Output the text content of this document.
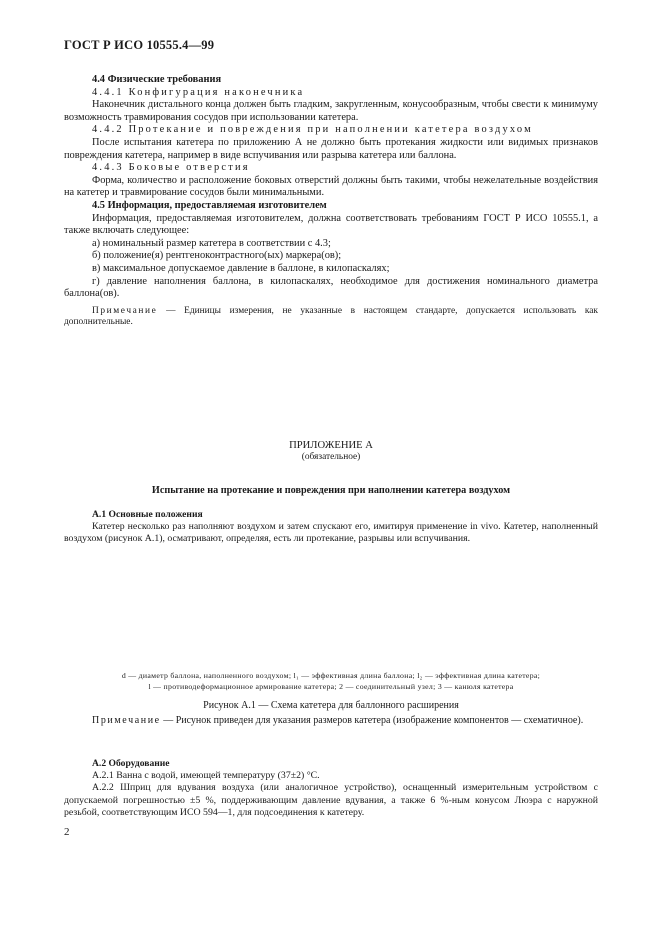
ГОСТ Р ИСО 10555.4—99

4.4 Физические требования

4.4.1 Конфигурация наконечника

Наконечник дистального конца должен быть гладким, закругленным, конусообразным, чтобы свести к минимуму возможность травмирования сосудов при использовании катетера.

4.4.2 Протекание и повреждения при наполнении катетера воздухом

После испытания катетера по приложению А не должно быть протекания жидкости или видимых признаков повреждения катетера, например в виде вспучивания или разрыва катетера или баллона.

4.4.3 Боковые отверстия

Форма, количество и расположение боковых отверстий должны быть такими, чтобы нежелательные воздействия на катетер и травмирование сосудов были минимальными.

4.5 Информация, предоставляемая изготовителем

Информация, предоставляемая изготовителем, должна соответствовать требованиям ГОСТ Р ИСО 10555.1, а также включать следующее:

а) номинальный размер катетера в соответствии с 4.3;

б) положение(я) рентгеноконтрастного(ых) маркера(ов);

в) максимальное допускаемое давление в баллоне, в килопаскалях;

г) давление наполнения баллона, в килопаскалях, необходимое для достижения номинального диаметра баллона(ов).

Примечание — Единицы измерения, не указанные в настоящем стандарте, допускается использовать как дополнительные.

ПРИЛОЖЕНИЕ А
(обязательное)
Испытание на протекание и повреждения при наполнении катетера воздухом

А.1 Основные положения

Катетер несколько раз наполняют воздухом и затем спускают его, имитируя применение in vivo. Катетер, наполненный воздухом (рисунок А.1), осматривают, определяя, есть ли протекание, разрывы или вспучивания.

d — диаметр баллона, наполненного воздухом; l₁ — эффективная длина баллона; l₂ — эффективная длина катетера;
l — противодеформационное армирование катетера; 2 — соединительный узел; 3 — канюля катетера
Рисунок А.1 — Схема катетера для баллонного расширения

Примечание — Рисунок приведен для указания размеров катетера (изображение компонентов — схематичное).

А.2 Оборудование

А.2.1 Ванна с водой, имеющей температуру (37±2) °С.

А.2.2 Шприц для вдувания воздуха (или аналогичное устройство), оснащенный измерительным устройством с допускаемой погрешностью ±5 %, поддерживающим давление вдувания, а также 6 %-ным конусом Люэра с наружной резьбой, соответствующим ИСО 594—1, для подсоединения к катетеру.

2
